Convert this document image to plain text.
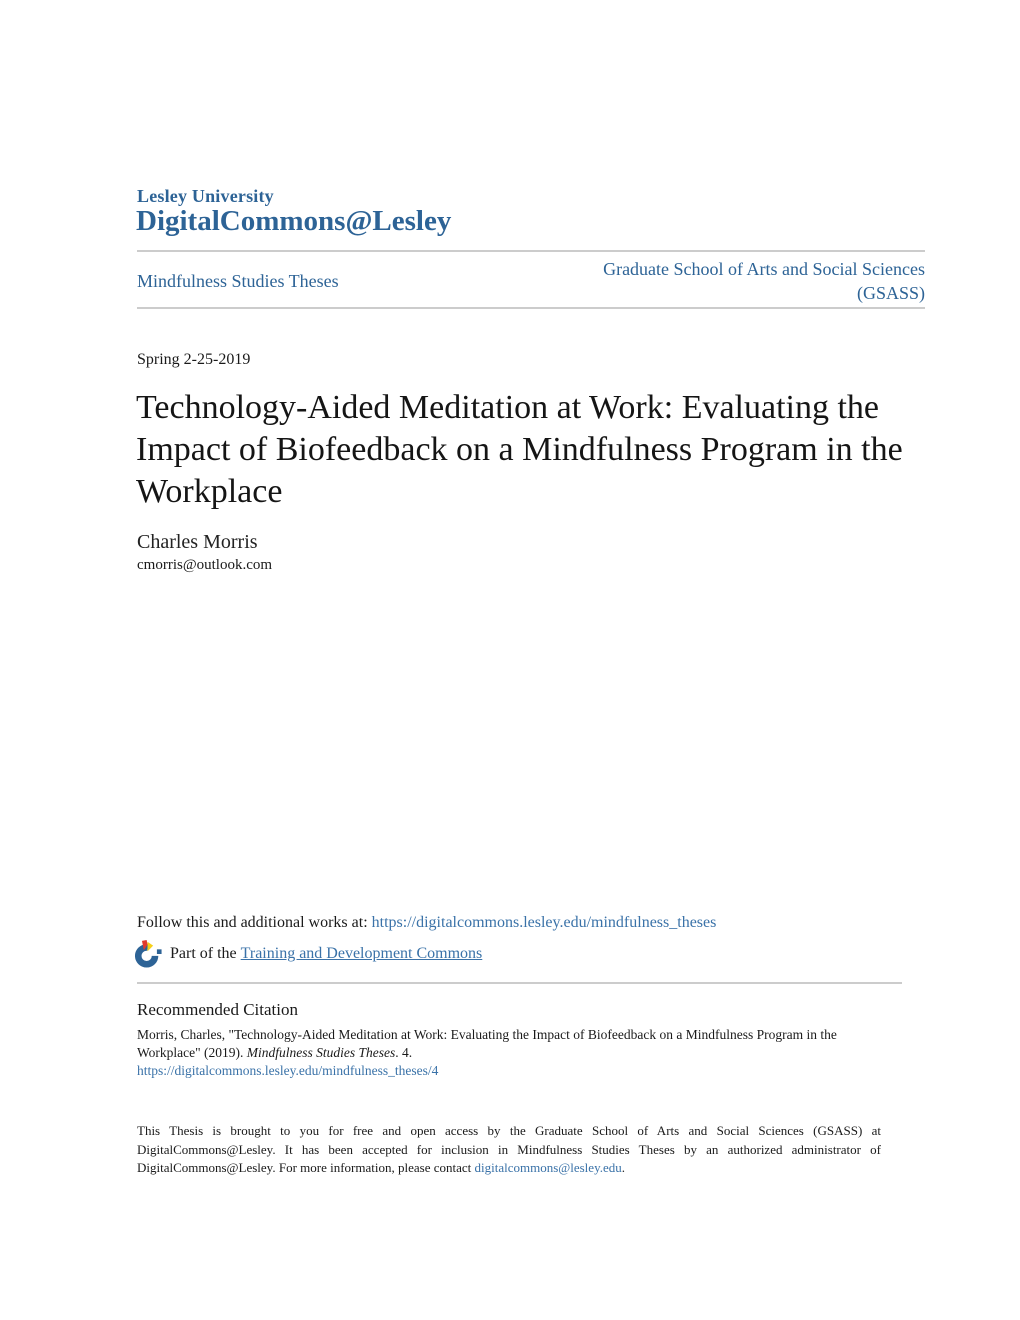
Lesley University
DigitalCommons@Lesley
Mindfulness Studies Theses
Graduate School of Arts and Social Sciences
(GSASS)
Spring 2-25-2019
Technology-Aided Meditation at Work: Evaluating the Impact of Biofeedback on a Mindfulness Program in the Workplace
Charles Morris
cmorris@outlook.com
Follow this and additional works at: https://digitalcommons.lesley.edu/mindfulness_theses
Part of the
Training and Development Commons
Recommended Citation
Morris, Charles, "Technology-Aided Meditation at Work: Evaluating the Impact of Biofeedback on a Mindfulness Program in the Workplace" (2019). Mindfulness Studies Theses. 4.
https://digitalcommons.lesley.edu/mindfulness_theses/4
This Thesis is brought to you for free and open access by the Graduate School of Arts and Social Sciences (GSASS) at DigitalCommons@Lesley. It has been accepted for inclusion in Mindfulness Studies Theses by an authorized administrator of DigitalCommons@Lesley. For more information, please contact digitalcommons@lesley.edu.
